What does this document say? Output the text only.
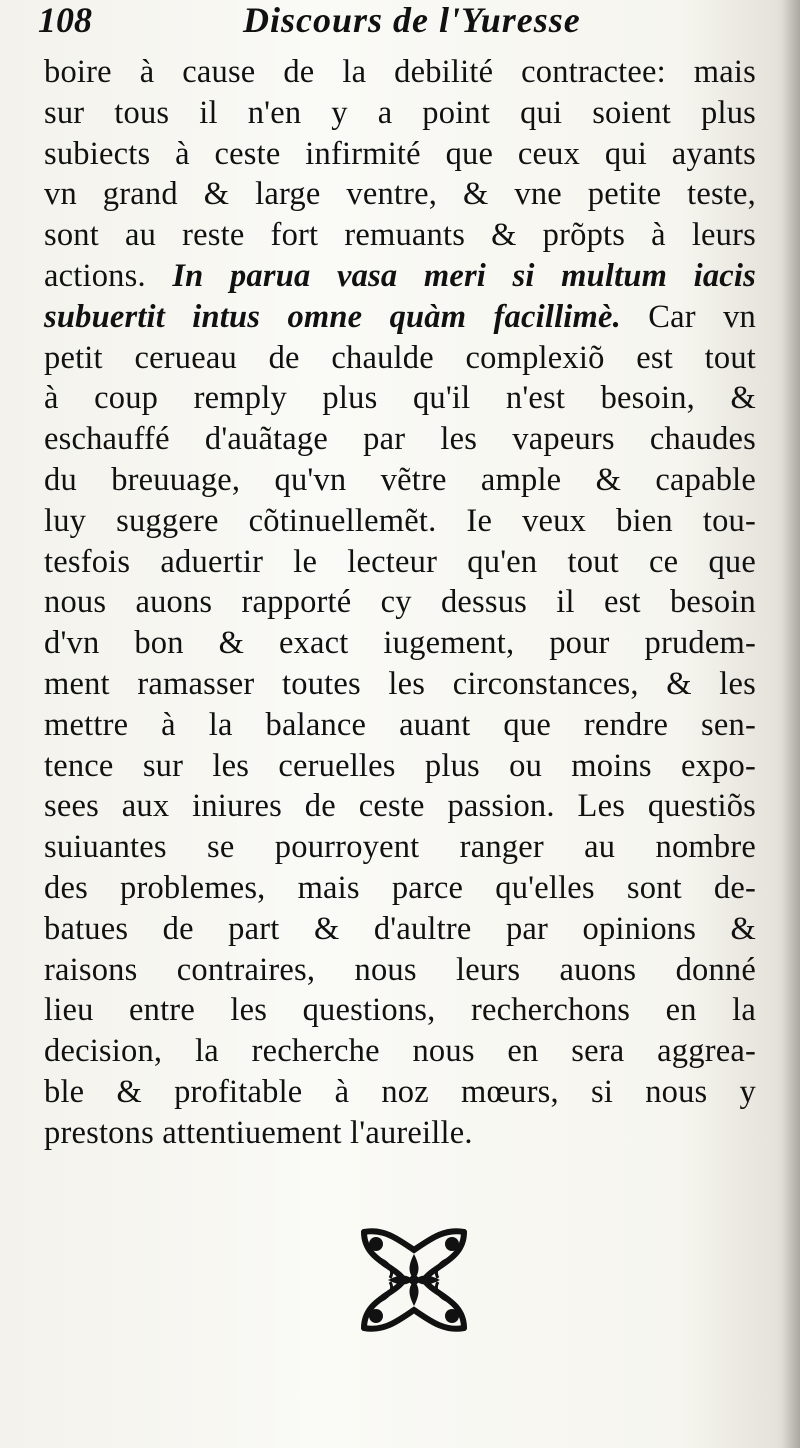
108	Discours de l'Yuresse
boire à cause de la debilité contractee: mais
sur tous il n'en y a point qui soient plus
subiects à ceste infirmité que ceux qui ayants
vn grand & large ventre, & vne petite teste,
sont au reste fort remuants & prõpts à leurs
actions. In parua vasa meri si multum iacis
subuertit intus omne quàm facillimè. Car vn
petit cerueau de chaulde complexiõ est tout
à coup remply plus qu'il n'est besoin, &
eschauffé d'auãtage par les vapeurs chaudes
du breuuage, qu'vn vẽtre ample & capable
luy suggere cõtinuellemẽt. Ie veux bien tou-
tesfois aduertir le lecteur qu'en tout ce que
nous auons rapporté cy dessus il est besoin
d'vn bon & exact iugement, pour prudem-
ment ramasser toutes les circonstances, & les
mettre à la balance auant que rendre sen-
tence sur les ceruelles plus ou moins expo-
sees aux iniures de ceste passion. Les questiõs
suiuantes se pourroyent ranger au nombre
des problemes, mais parce qu'elles sont de-
batues de part & d'aultre par opinions &
raisons contraires, nous leurs auons donné
lieu entre les questions, recherchons en la
decision, la recherche nous en sera aggrea-
ble & profitable à noz mœurs, si nous y
prestons attentiuement l'aureille.
